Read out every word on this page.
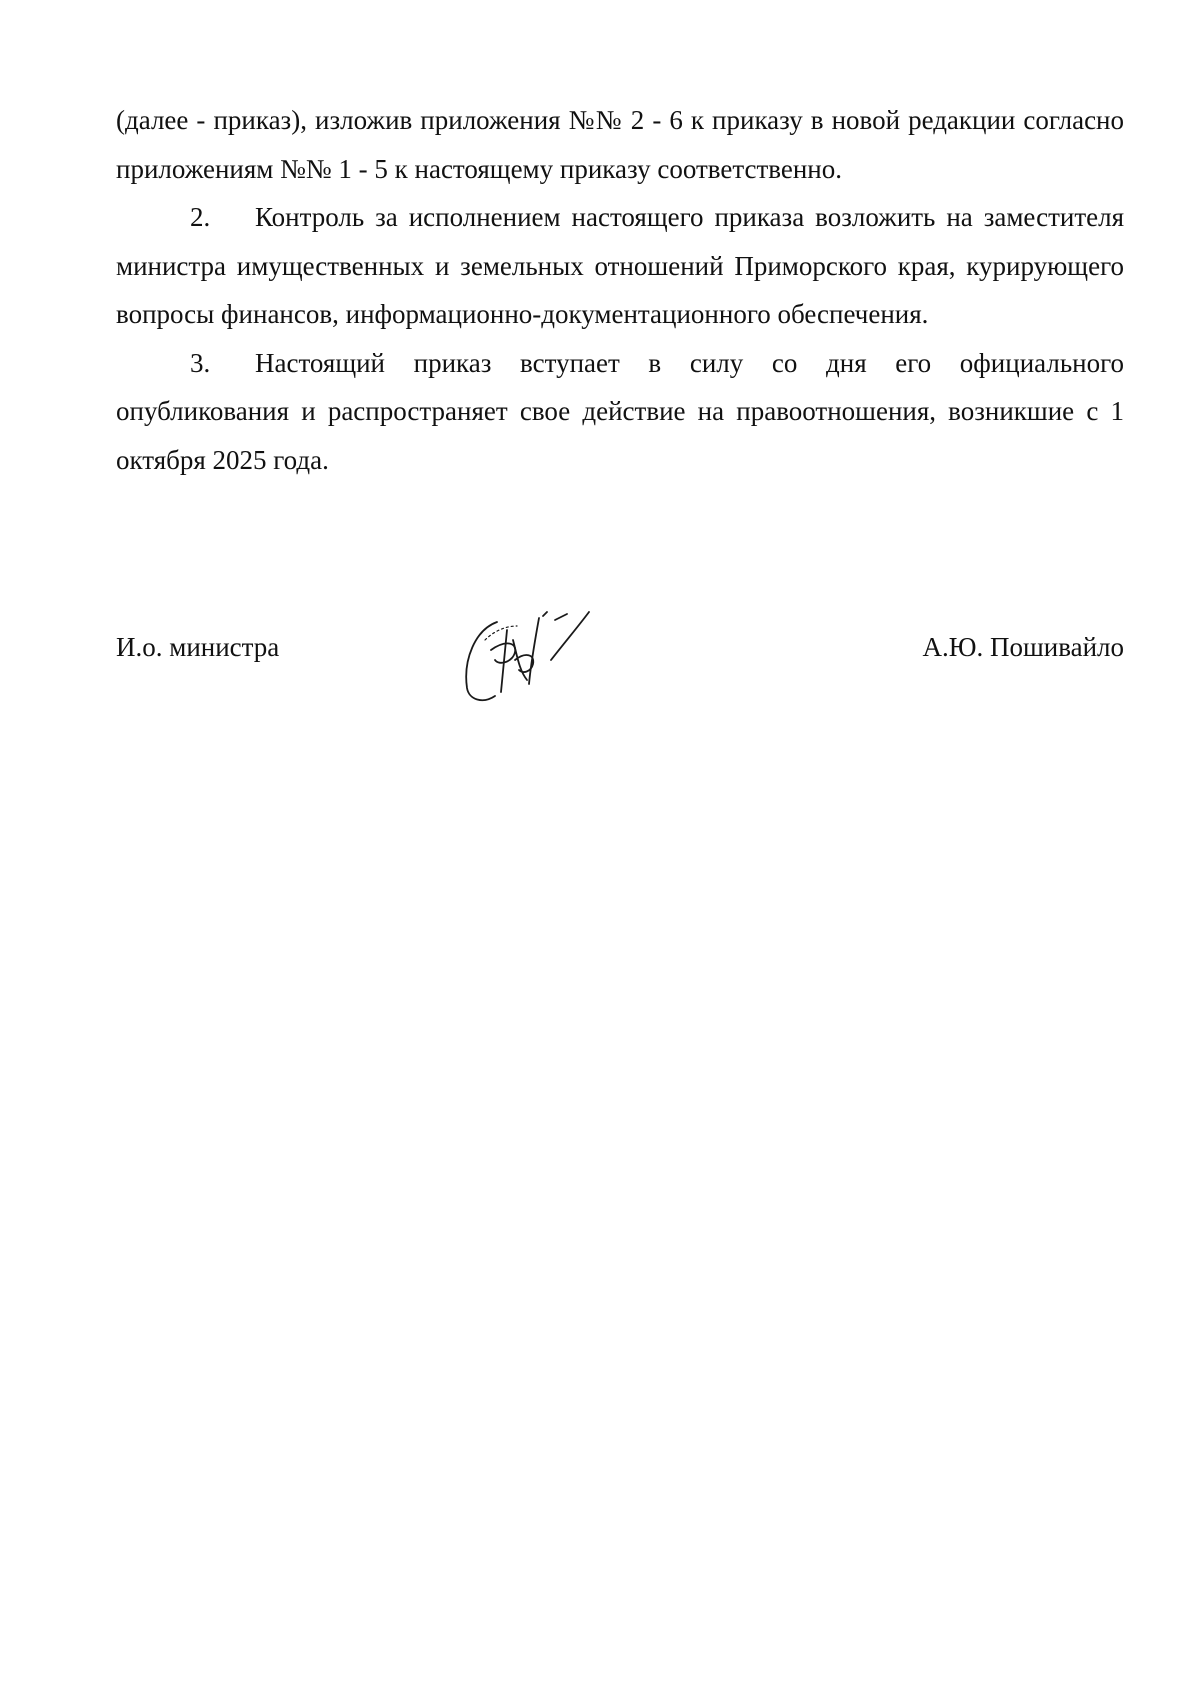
(далее - приказ), изложив приложения №№ 2 - 6 к приказу в новой редакции согласно приложениям №№ 1 - 5 к настоящему приказу соответственно.

2. Контроль за исполнением настоящего приказа возложить на заместителя министра имущественных и земельных отношений Приморского края, курирующего вопросы финансов, информационно-документационного обеспечения.

3. Настоящий приказ вступает в силу со дня его официального опубликования и распространяет свое действие на правоотношения, возникшие с 1 октября 2025 года.

И.о. министра	А.Ю. Пошивайло
